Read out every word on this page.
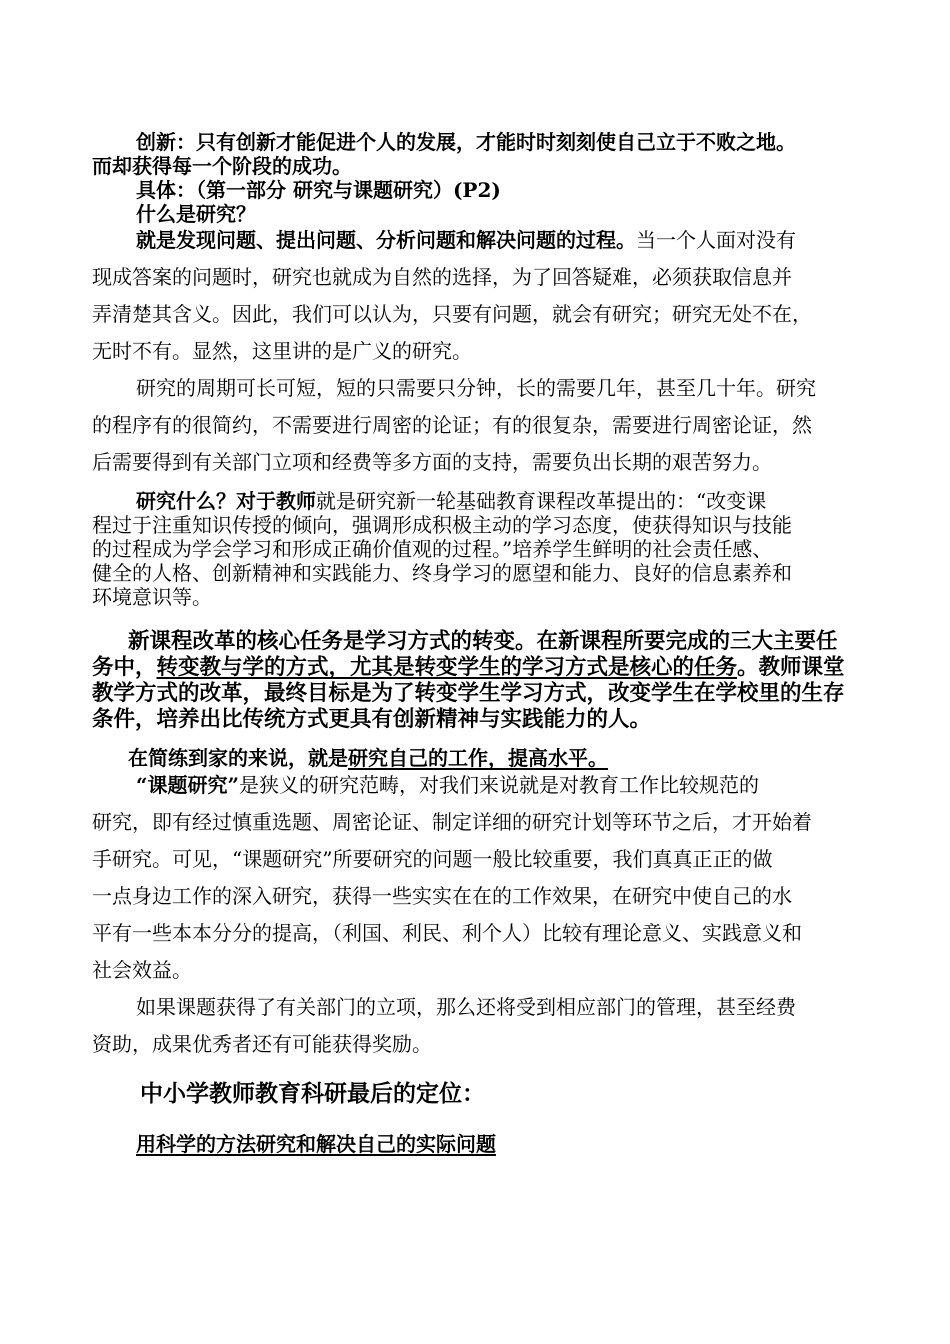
创新：只有创新才能促进个人的发展，才能时时刻刻使自己立于不败之地。
而却获得每一个阶段的成功。
具体：（第一部分 研究与课题研究）(P2)
什么是研究？
就是发现问题、提出问题、分析问题和解决问题的过程。当一个人面对没有
现成答案的问题时，研究也就成为自然的选择，为了回答疑难，必须获取信息并
弄清楚其含义。因此，我们可以认为，只要有问题，就会有研究；研究无处不在，
无时不有。显然，这里讲的是广义的研究。
研究的周期可长可短，短的只需要只分钟，长的需要几年，甚至几十年。研究
的程序有的很简约，不需要进行周密的论证；有的很复杂，需要进行周密论证，然
后需要得到有关部门立项和经费等多方面的支持，需要负出长期的艰苦努力。
研究什么？对于教师就是研究新一轮基础教育课程改革提出的：“改变课
程过于注重知识传授的倾向，强调形成积极主动的学习态度，使获得知识与技能
的过程成为学会学习和形成正确价值观的过程。”培养学生鲜明的社会责任感、
健全的人格、创新精神和实践能力、终身学习的愿望和能力、良好的信息素养和
环境意识等。
新课程改革的核心任务是学习方式的转变。在新课程所要完成的三大主要任
务中，转变教与学的方式，尤其是转变学生的学习方式是核心的任务。教师课堂
教学方式的改革，最终目标是为了转变学生学习方式，改变学生在学校里的生存
条件，培养出比传统方式更具有创新精神与实践能力的人。
在简练到家的来说，就是研究自己的工作，提高水平。
“课题研究”是狭义的研究范畴，对我们来说就是对教育工作比较规范的
研究，即有经过慎重选题、周密论证、制定详细的研究计划等环节之后，才开始着
手研究。可见，“课题研究”所要研究的问题一般比较重要，我们真真正正的做
一点身边工作的深入研究，获得一些实实在在的工作效果，在研究中使自己的水
平有一些本本分分的提高，（利国、利民、利个人）比较有理论意义、实践意义和
社会效益。
如果课题获得了有关部门的立项，那么还将受到相应部门的管理，甚至经费
资助，成果优秀者还有可能获得奖励。
中小学教师教育科研最后的定位：
用科学的方法研究和解决自己的实际问题
